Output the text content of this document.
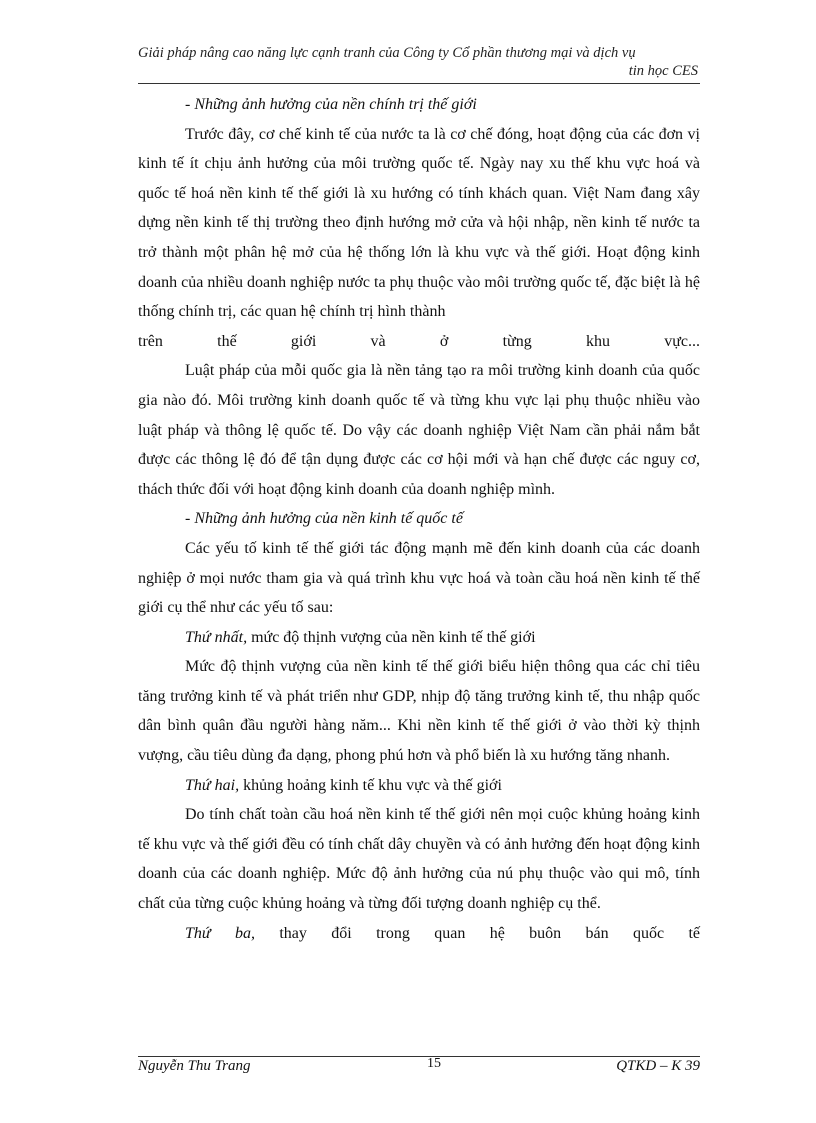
Giải pháp nâng cao năng lực cạnh tranh của Công ty Cổ phần thương mại và dịch vụ
tin học CES

- Những ảnh hưởng của nền chính trị thế giới

Trước đây, cơ chế kinh tế của nước ta là cơ chế đóng, hoạt động của các đơn vị kinh tế ít chịu ảnh hưởng của môi trường quốc tế. Ngày nay xu thế khu vực hoá và quốc tế hoá nền kinh tế thế giới là xu hướng có tính khách quan. Việt Nam đang xây dựng nền kinh tế thị trường theo định hướng mở cửa và hội nhập, nền kinh tế nước ta trở thành một phân hệ mở của hệ thống lớn là khu vực và thế giới. Hoạt động kinh doanh của nhiều doanh nghiệp nước ta phụ thuộc vào môi trường quốc tế, đặc biệt là hệ thống chính trị, các quan hệ chính trị hình thành

trên thế giới và ở từng khu vực...

Luật pháp của mỗi quốc gia là nền tảng tạo ra môi trường kinh doanh của quốc gia nào đó. Môi trường kinh doanh quốc tế và từng khu vực lại phụ thuộc nhiều vào luật pháp và thông lệ quốc tế. Do vậy các doanh nghiệp Việt Nam cần phải nắm bắt được các thông lệ đó để tận dụng được các cơ hội mới và hạn chế được các nguy cơ, thách thức đối với hoạt động kinh doanh của doanh nghiệp mình.

- Những ảnh hưởng của nền kinh tế quốc tế

Các yếu tố kinh tế thế giới tác động mạnh mẽ đến kinh doanh của các doanh nghiệp ở mọi nước tham gia và quá trình khu vực hoá và toàn cầu hoá nền kinh tế thế giới cụ thể như các yếu tố sau:

Thứ nhất, mức độ thịnh vượng của nền kinh tế thế giới

Mức độ thịnh vượng của nền kinh tế thế giới biểu hiện thông qua các chỉ tiêu tăng trưởng kinh tế và phát triển như GDP, nhịp độ tăng trưởng kinh tế, thu nhập quốc dân bình quân đầu người hàng năm... Khi nền kinh tế thế giới ở vào thời kỳ thịnh vượng, cầu tiêu dùng đa dạng, phong phú hơn và phổ biến là xu hướng tăng nhanh.

Thứ hai, khủng hoảng kinh tế khu vực và thế giới

Do tính chất toàn cầu hoá nền kinh tế thế giới nên mọi cuộc khủng hoảng kinh tế khu vực và thế giới đều có tính chất dây chuyền và có ảnh hưởng đến hoạt động kinh doanh của các doanh nghiệp. Mức độ ảnh hưởng của nú phụ thuộc vào qui mô, tính chất của từng cuộc khủng hoảng và từng đối tượng doanh nghiệp cụ thể.

Thứ ba, thay đổi trong quan hệ buôn bán quốc tế

Nguyễn Thu Trang	15	QTKD – K 39
